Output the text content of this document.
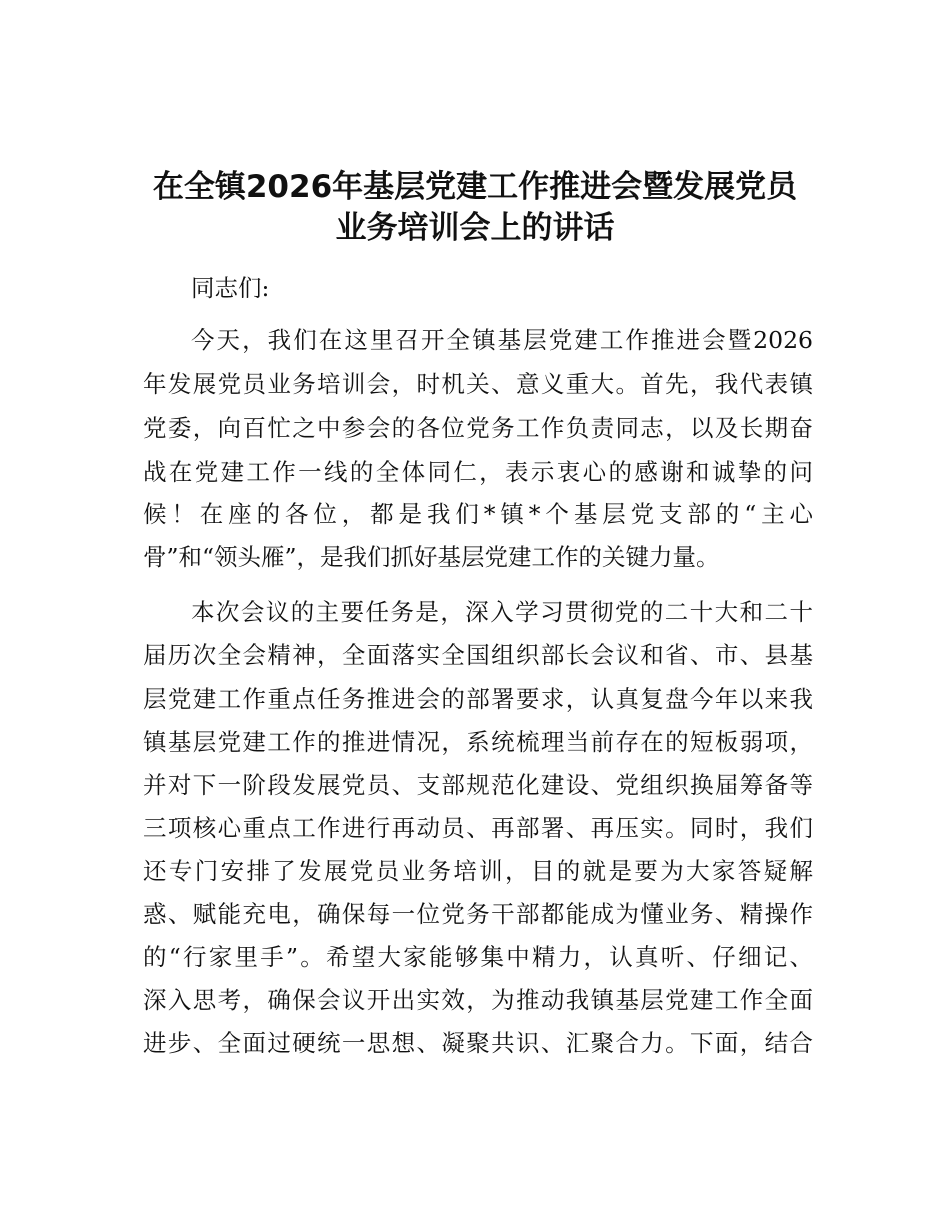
在全镇2026年基层党建工作推进会暨发展党员
业务培训会上的讲话
同志们:
今天，我们在这里召开全镇基层党建工作推进会暨2026
年发展党员业务培训会，时机关、意义重大。首先，我代表镇
党委，向百忙之中参会的各位党务工作负责同志，以及长期奋
战在党建工作一线的全体同仁，表示衷心的感谢和诚挚的问
候！在座的各位，都是我们*镇*个基层党支部的“主心
骨”和“领头雁”，是我们抓好基层党建工作的关键力量。
本次会议的主要任务是，深入学习贯彻党的二十大和二十
届历次全会精神，全面落实全国组织部长会议和省、市、县基
层党建工作重点任务推进会的部署要求，认真复盘今年以来我
镇基层党建工作的推进情况，系统梳理当前存在的短板弱项，
并对下一阶段发展党员、支部规范化建设、党组织换届筹备等
三项核心重点工作进行再动员、再部署、再压实。同时，我们
还专门安排了发展党员业务培训，目的就是要为大家答疑解
惑、赋能充电，确保每一位党务干部都能成为懂业务、精操作
的“行家里手”。希望大家能够集中精力，认真听、仔细记、
深入思考，确保会议开出实效，为推动我镇基层党建工作全面
进步、全面过硬统一思想、凝聚共识、汇聚合力。下面，结合
